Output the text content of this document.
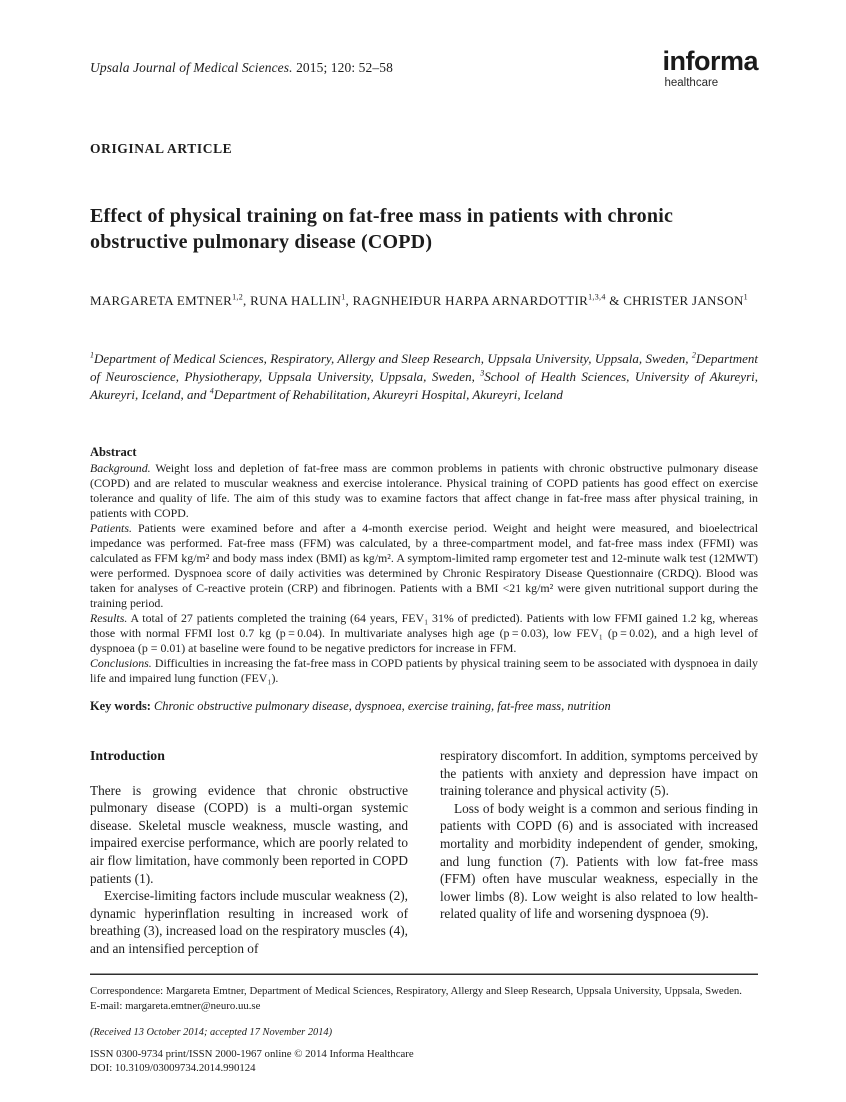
Upsala Journal of Medical Sciences. 2015; 120: 52–58	informa
healthcare
ORIGINAL ARTICLE
Effect of physical training on fat-free mass in patients with chronic
obstructive pulmonary disease (COPD)
MARGARETA EMTNER$^{1,2}$, RUNA HALLIN$^1$, RAGNHEIÐUR HARPA ARNARDOTTIR$^{1,3,4}$ & CHRISTER JANSON$^1$
$^1$Department of Medical Sciences, Respiratory, Allergy and Sleep Research, Uppsala University, Uppsala, Sweden, $^2$Department of Neuroscience, Physiotherapy, Uppsala University, Uppsala, Sweden, $^3$School of Health Sciences, University of Akureyri, Akureyri, Iceland, and $^4$Department of Rehabilitation, Akureyri Hospital, Akureyri, Iceland
Abstract

Background. Weight loss and depletion of fat-free mass are common problems in patients with chronic obstructive pulmonary disease (COPD) and are related to muscular weakness and exercise intolerance. Physical training of COPD patients has good effect on exercise tolerance and quality of life. The aim of this study was to examine factors that affect change in fat-free mass after physical training, in patients with COPD.

Patients. Patients were examined before and after a 4-month exercise period. Weight and height were measured, and bioelectrical impedance was performed. Fat-free mass (FFM) was calculated, by a three-compartment model, and fat-free mass index (FFMI) was calculated as FFM kg/m² and body mass index (BMI) as kg/m². A symptom-limited ramp ergometer test and 12-minute walk test (12MWT) were performed. Dyspnoea score of daily activities was determined by Chronic Respiratory Disease Questionnaire (CRDQ). Blood was taken for analyses of C-reactive protein (CRP) and fibrinogen. Patients with a BMI <21 kg/m² were given nutritional support during the training period.

Results. A total of 27 patients completed the training (64 years, FEV₁ 31% of predicted). Patients with low FFMI gained 1.2 kg, whereas those with normal FFMI lost 0.7 kg (p = 0.04). In multivariate analyses high age (p = 0.03), low FEV₁ (p = 0.02), and a high level of dyspnoea (p = 0.01) at baseline were found to be negative predictors for increase in FFM.

Conclusions. Difficulties in increasing the fat-free mass in COPD patients by physical training seem to be associated with dyspnoea in daily life and impaired lung function (FEV₁).

Key words: Chronic obstructive pulmonary disease, dyspnoea, exercise training, fat-free mass, nutrition
Introduction

There is growing evidence that chronic obstructive pulmonary disease (COPD) is a multi-organ systemic disease. Skeletal muscle weakness, muscle wasting, and impaired exercise performance, which are poorly related to air flow limitation, have commonly been reported in COPD patients (1).

Exercise-limiting factors include muscular weakness (2), dynamic hyperinflation resulting in increased work of breathing (3), increased load on the respiratory muscles (4), and an intensified perception of

respiratory discomfort. In addition, symptoms perceived by the patients with anxiety and depression have impact on training tolerance and physical activity (5).

Loss of body weight is a common and serious finding in patients with COPD (6) and is associated with increased mortality and morbidity independent of gender, smoking, and lung function (7). Patients with low fat-free mass (FFM) often have muscular weakness, especially in the lower limbs (8). Low weight is also related to low health-related quality of life and worsening dyspnoea (9).

Correspondence: Margareta Emtner, Department of Medical Sciences, Respiratory, Allergy and Sleep Research, Uppsala University, Uppsala, Sweden.
E-mail: margareta.emtner@neuro.uu.se

(Received 13 October 2014; accepted 17 November 2014)

ISSN 0300-9734 print/ISSN 2000-1967 online © 2014 Informa Healthcare
DOI: 10.3109/03009734.2014.990124
